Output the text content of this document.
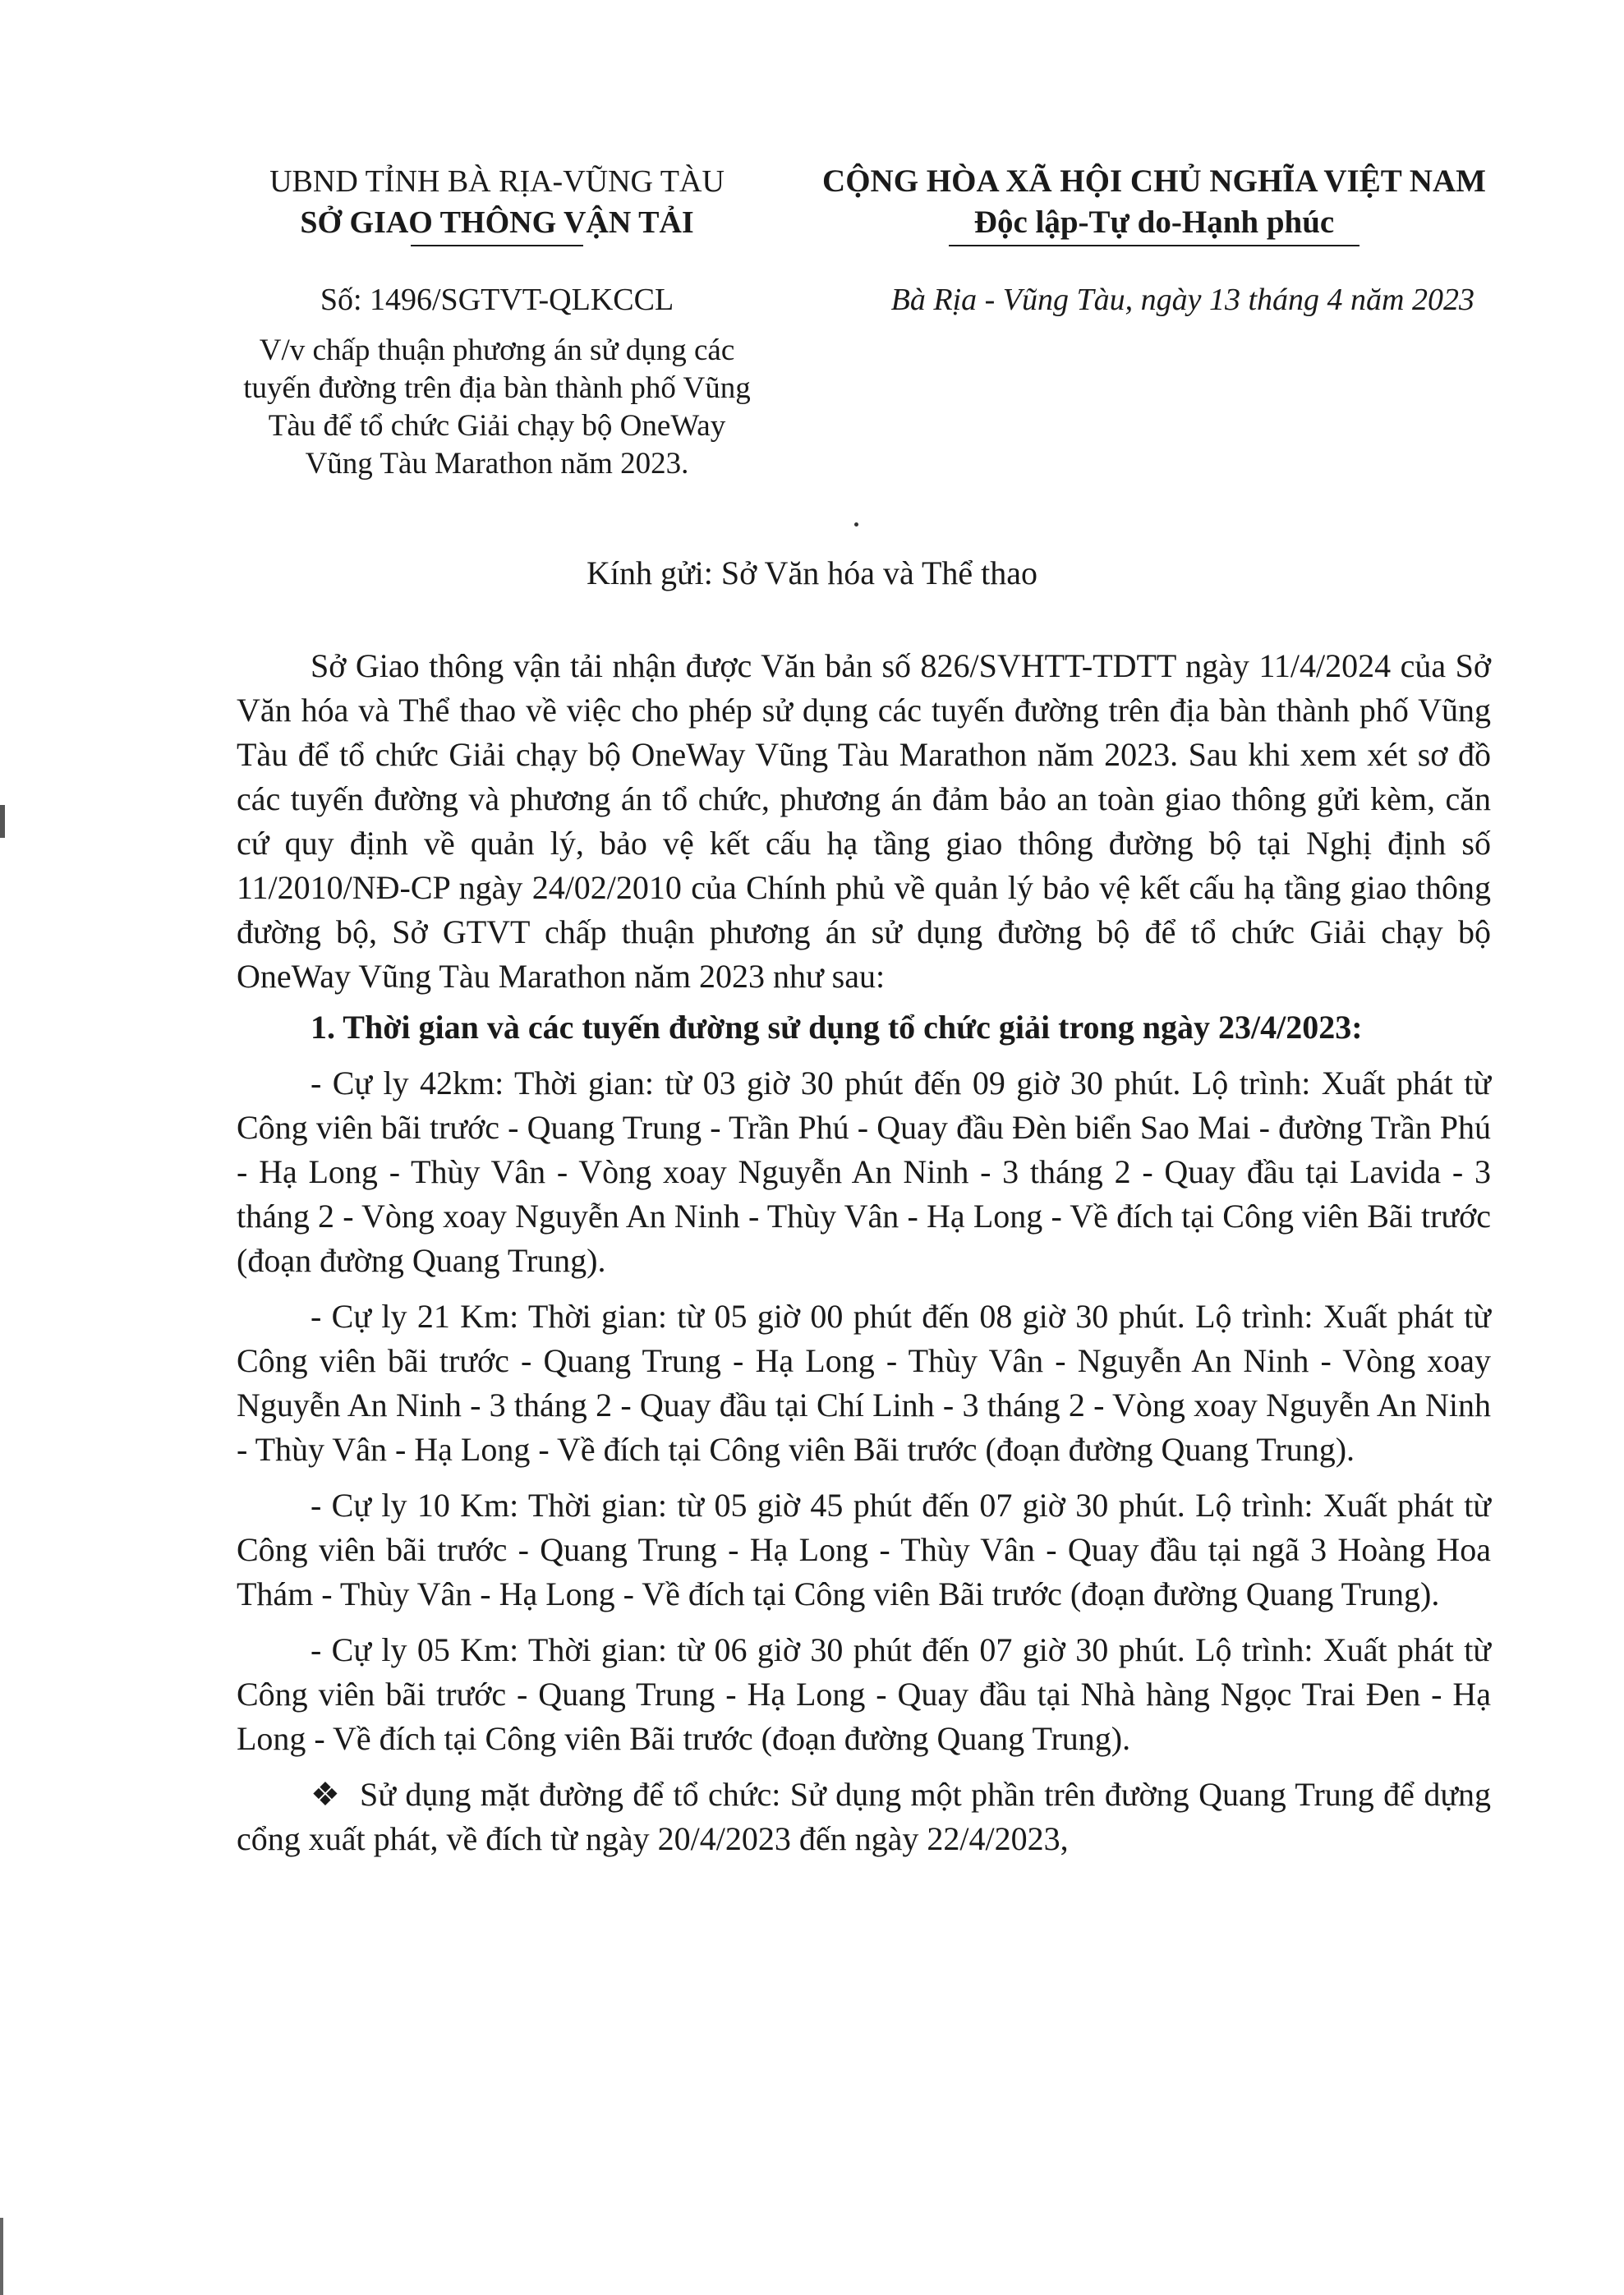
UBND TỈNH BÀ RỊA-VŨNG TÀU
SỞ GIAO THÔNG VẬN TẢI
Số: 1496/SGTVT-QLKCCL
V/v chấp thuận phương án sử dụng các
tuyến đường trên địa bàn thành phố Vũng
Tàu để tổ chức Giải chạy bộ OneWay
Vũng Tàu Marathon năm 2023.
CỘNG HÒA XÃ HỘI CHỦ NGHĨA VIỆT NAM
Độc lập-Tự do-Hạnh phúc
Bà Rịa - Vũng Tàu, ngày 13 tháng 4 năm 2023
Kính gửi: Sở Văn hóa và Thể thao

Sở Giao thông vận tải nhận được Văn bản số 826/SVHTT-TDTT ngày 11/4/2024 của Sở Văn hóa và Thể thao về việc cho phép sử dụng các tuyến đường trên địa bàn thành phố Vũng Tàu để tổ chức Giải chạy bộ OneWay Vũng Tàu Marathon năm 2023. Sau khi xem xét sơ đồ các tuyến đường và phương án tổ chức, phương án đảm bảo an toàn giao thông gửi kèm, căn cứ quy định về quản lý, bảo vệ kết cấu hạ tầng giao thông đường bộ tại Nghị định số 11/2010/NĐ-CP ngày 24/02/2010 của Chính phủ về quản lý bảo vệ kết cấu hạ tầng giao thông đường bộ, Sở GTVT chấp thuận phương án sử dụng đường bộ để tổ chức Giải chạy bộ OneWay Vũng Tàu Marathon năm 2023 như sau:

1. Thời gian và các tuyến đường sử dụng tổ chức giải trong ngày 23/4/2023:

- Cự ly 42km: Thời gian: từ 03 giờ 30 phút đến 09 giờ 30 phút. Lộ trình: Xuất phát từ Công viên bãi trước - Quang Trung - Trần Phú - Quay đầu Đèn biển Sao Mai - đường Trần Phú - Hạ Long - Thùy Vân - Vòng xoay Nguyễn An Ninh - 3 tháng 2 - Quay đầu tại Lavida - 3 tháng 2 - Vòng xoay Nguyễn An Ninh - Thùy Vân - Hạ Long - Về đích tại Công viên Bãi trước (đoạn đường Quang Trung).

- Cự ly 21 Km: Thời gian: từ 05 giờ 00 phút đến 08 giờ 30 phút. Lộ trình: Xuất phát từ Công viên bãi trước - Quang Trung - Hạ Long - Thùy Vân - Nguyễn An Ninh - Vòng xoay Nguyễn An Ninh - 3 tháng 2 - Quay đầu tại Chí Linh - 3 tháng 2 - Vòng xoay Nguyễn An Ninh - Thùy Vân - Hạ Long - Về đích tại Công viên Bãi trước (đoạn đường Quang Trung).

- Cự ly 10 Km: Thời gian: từ 05 giờ 45 phút đến 07 giờ 30 phút. Lộ trình: Xuất phát từ Công viên bãi trước - Quang Trung - Hạ Long - Thùy Vân - Quay đầu tại ngã 3 Hoàng Hoa Thám - Thùy Vân - Hạ Long - Về đích tại Công viên Bãi trước (đoạn đường Quang Trung).

- Cự ly 05 Km: Thời gian: từ 06 giờ 30 phút đến 07 giờ 30 phút. Lộ trình: Xuất phát từ Công viên bãi trước - Quang Trung - Hạ Long - Quay đầu tại Nhà hàng Ngọc Trai Đen - Hạ Long - Về đích tại Công viên Bãi trước (đoạn đường Quang Trung).

❖ Sử dụng mặt đường để tổ chức: Sử dụng một phần trên đường Quang Trung để dựng cổng xuất phát, về đích từ ngày 20/4/2023 đến ngày 22/4/2023,
